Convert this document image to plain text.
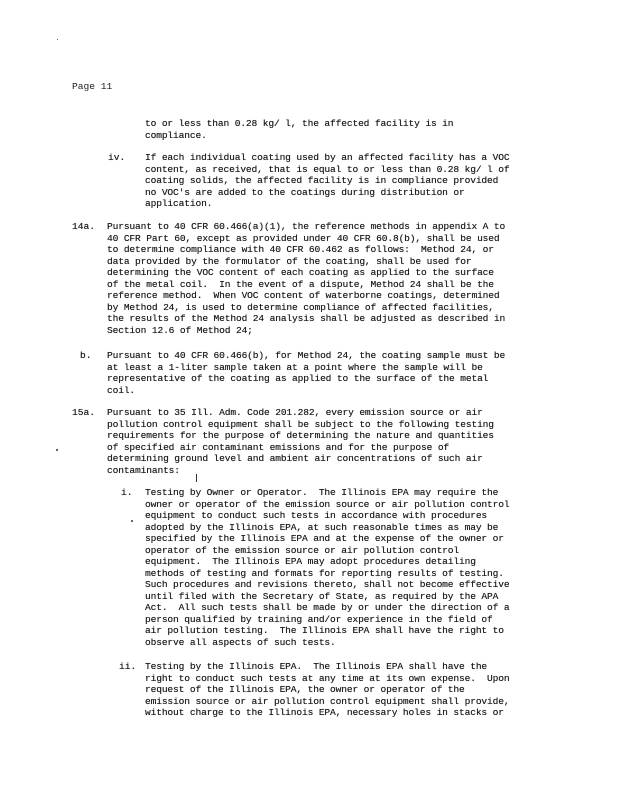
Page 11
to or less than 0.28 kg/ l, the affected facility is in
compliance.
iv. If each individual coating used by an affected facility has a VOC
content, as received, that is equal to or less than 0.28 kg/ l of
coating solids, the affected facility is in compliance provided
no VOC's are added to the coatings during distribution or
application.
14a. Pursuant to 40 CFR 60.466(a)(1), the reference methods in appendix A to
40 CFR Part 60, except as provided under 40 CFR 60.8(b), shall be used
to determine compliance with 40 CFR 60.462 as follows:  Method 24, or
data provided by the formulator of the coating, shall be used for
determining the VOC content of each coating as applied to the surface
of the metal coil.  In the event of a dispute, Method 24 shall be the
reference method.  When VOC content of waterborne coatings, determined
by Method 24, is used to determine compliance of affected facilities,
the results of the Method 24 analysis shall be adjusted as described in
Section 12.6 of Method 24;
b. Pursuant to 40 CFR 60.466(b), for Method 24, the coating sample must be
at least a 1-liter sample taken at a point where the sample will be
representative of the coating as applied to the surface of the metal
coil.
15a. Pursuant to 35 Ill. Adm. Code 201.282, every emission source or air
pollution control equipment shall be subject to the following testing
requirements for the purpose of determining the nature and quantities
of specified air contaminant emissions and for the purpose of
determining ground level and ambient air concentrations of such air
contaminants:
i. Testing by Owner or Operator.  The Illinois EPA may require the
owner or operator of the emission source or air pollution control
equipment to conduct such tests in accordance with procedures
adopted by the Illinois EPA, at such reasonable times as may be
specified by the Illinois EPA and at the expense of the owner or
operator of the emission source or air pollution control
equipment.  The Illinois EPA may adopt procedures detailing
methods of testing and formats for reporting results of testing.
Such procedures and revisions thereto, shall not become effective
until filed with the Secretary of State, as required by the APA
Act.  All such tests shall be made by or under the direction of a
person qualified by training and/or experience in the field of
air pollution testing.  The Illinois EPA shall have the right to
observe all aspects of such tests.
ii. Testing by the Illinois EPA.  The Illinois EPA shall have the
right to conduct such tests at any time at its own expense.  Upon
request of the Illinois EPA, the owner or operator of the
emission source or air pollution control equipment shall provide,
without charge to the Illinois EPA, necessary holes in stacks or
